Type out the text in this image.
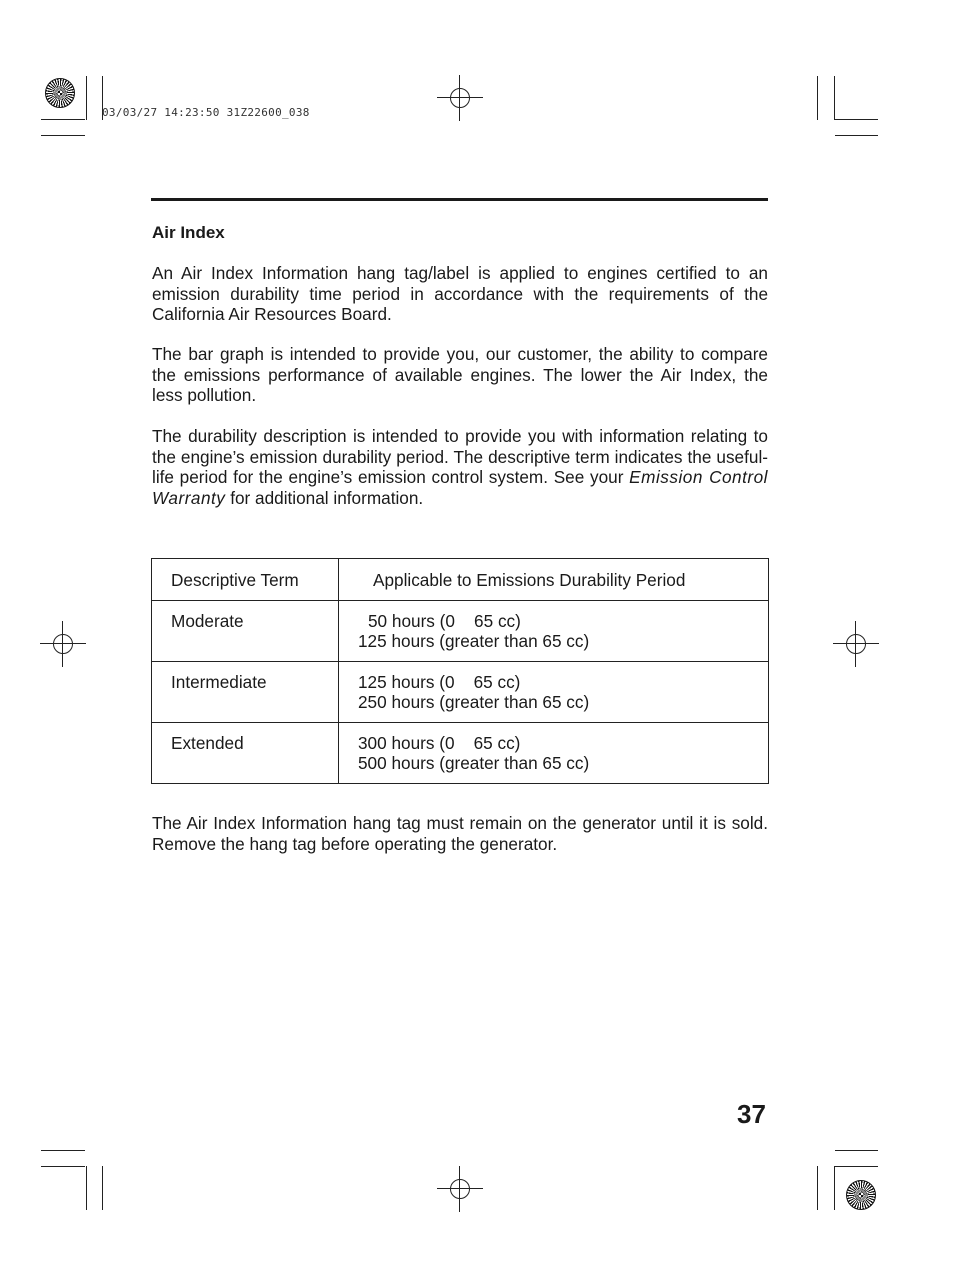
03/03/27 14:23:50 31Z22600_038
Air Index
An Air Index Information hang tag/label is applied to engines certified to an emission durability time period in accordance with the requirements of the California Air Resources Board.
The bar graph is intended to provide you, our customer, the ability to compare the emissions performance of available engines. The lower the Air Index, the less pollution.
The durability description is intended to provide you with information relating to the engine’s emission durability period. The descriptive term indicates the useful-life period for the engine’s emission control system. See your Emission Control Warranty for additional information.
Descriptive Term	Applicable to Emissions Durability Period
Moderate	50 hours (0    65 cc)
125 hours (greater than 65 cc)
Intermediate	125 hours (0    65 cc)
250 hours (greater than 65 cc)
Extended	300 hours (0    65 cc)
500 hours (greater than 65 cc)
The Air Index Information hang tag must remain on the generator until it is sold. Remove the hang tag before operating the generator.
37
